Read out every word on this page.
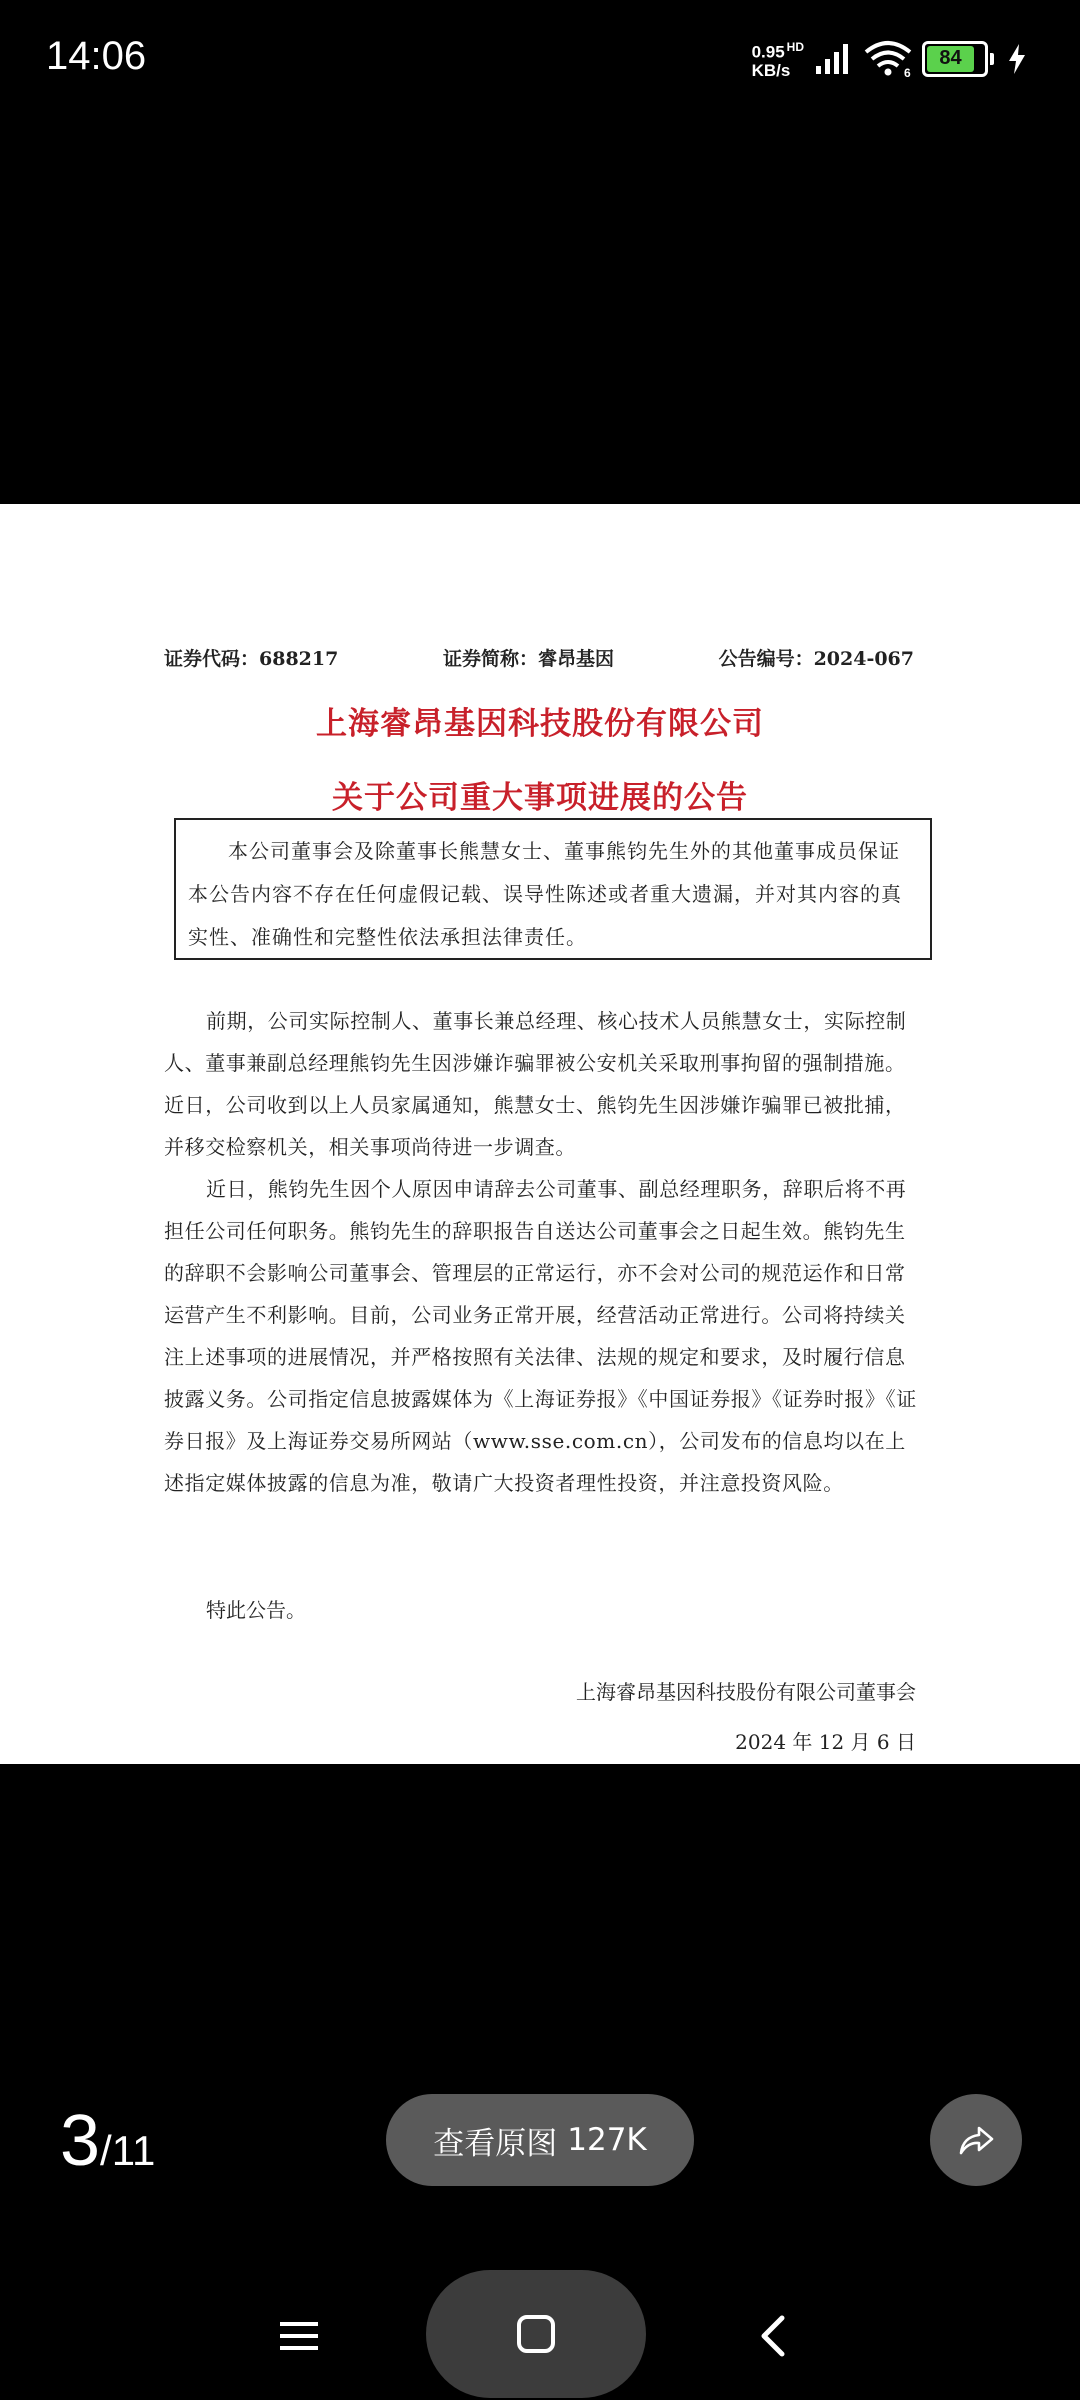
14:06	0.95 $^{HD}$
KB/s	6
84
证券代码：688217	证券简称：睿昂基因	公告编号：2024-067
上海睿昂基因科技股份有限公司
关于公司重大事项进展的公告
本公司董事会及除董事长熊慧女士、董事熊钧先生外的其他董事成员保证本公告内容不存在任何虚假记载、误导性陈述或者重大遗漏，并对其内容的真实性、准确性和完整性依法承担法律责任。

前期，公司实际控制人、董事长兼总经理、核心技术人员熊慧女士，实际控制人、董事兼副总经理熊钧先生因涉嫌诈骗罪被公安机关采取刑事拘留的强制措施。近日，公司收到以上人员家属通知，熊慧女士、熊钧先生因涉嫌诈骗罪已被批捕，并移交检察机关，相关事项尚待进一步调查。

近日，熊钧先生因个人原因申请辞去公司董事、副总经理职务，辞职后将不再担任公司任何职务。熊钧先生的辞职报告自送达公司董事会之日起生效。熊钧先生的辞职不会影响公司董事会、管理层的正常运行，亦不会对公司的规范运作和日常运营产生不利影响。目前，公司业务正常开展，经营活动正常进行。公司将持续关注上述事项的进展情况，并严格按照有关法律、法规的规定和要求，及时履行信息披露义务。公司指定信息披露媒体为《上海证券报》《中国证券报》《证券时报》《证券日报》及上海证券交易所网站（www.sse.com.cn），公司发布的信息均以在上述指定媒体披露的信息为准，敬请广大投资者理性投资，并注意投资风险。

特此公告。
上海睿昂基因科技股份有限公司董事会
2024 年 12 月 6 日
3/11	查看原图 127K
